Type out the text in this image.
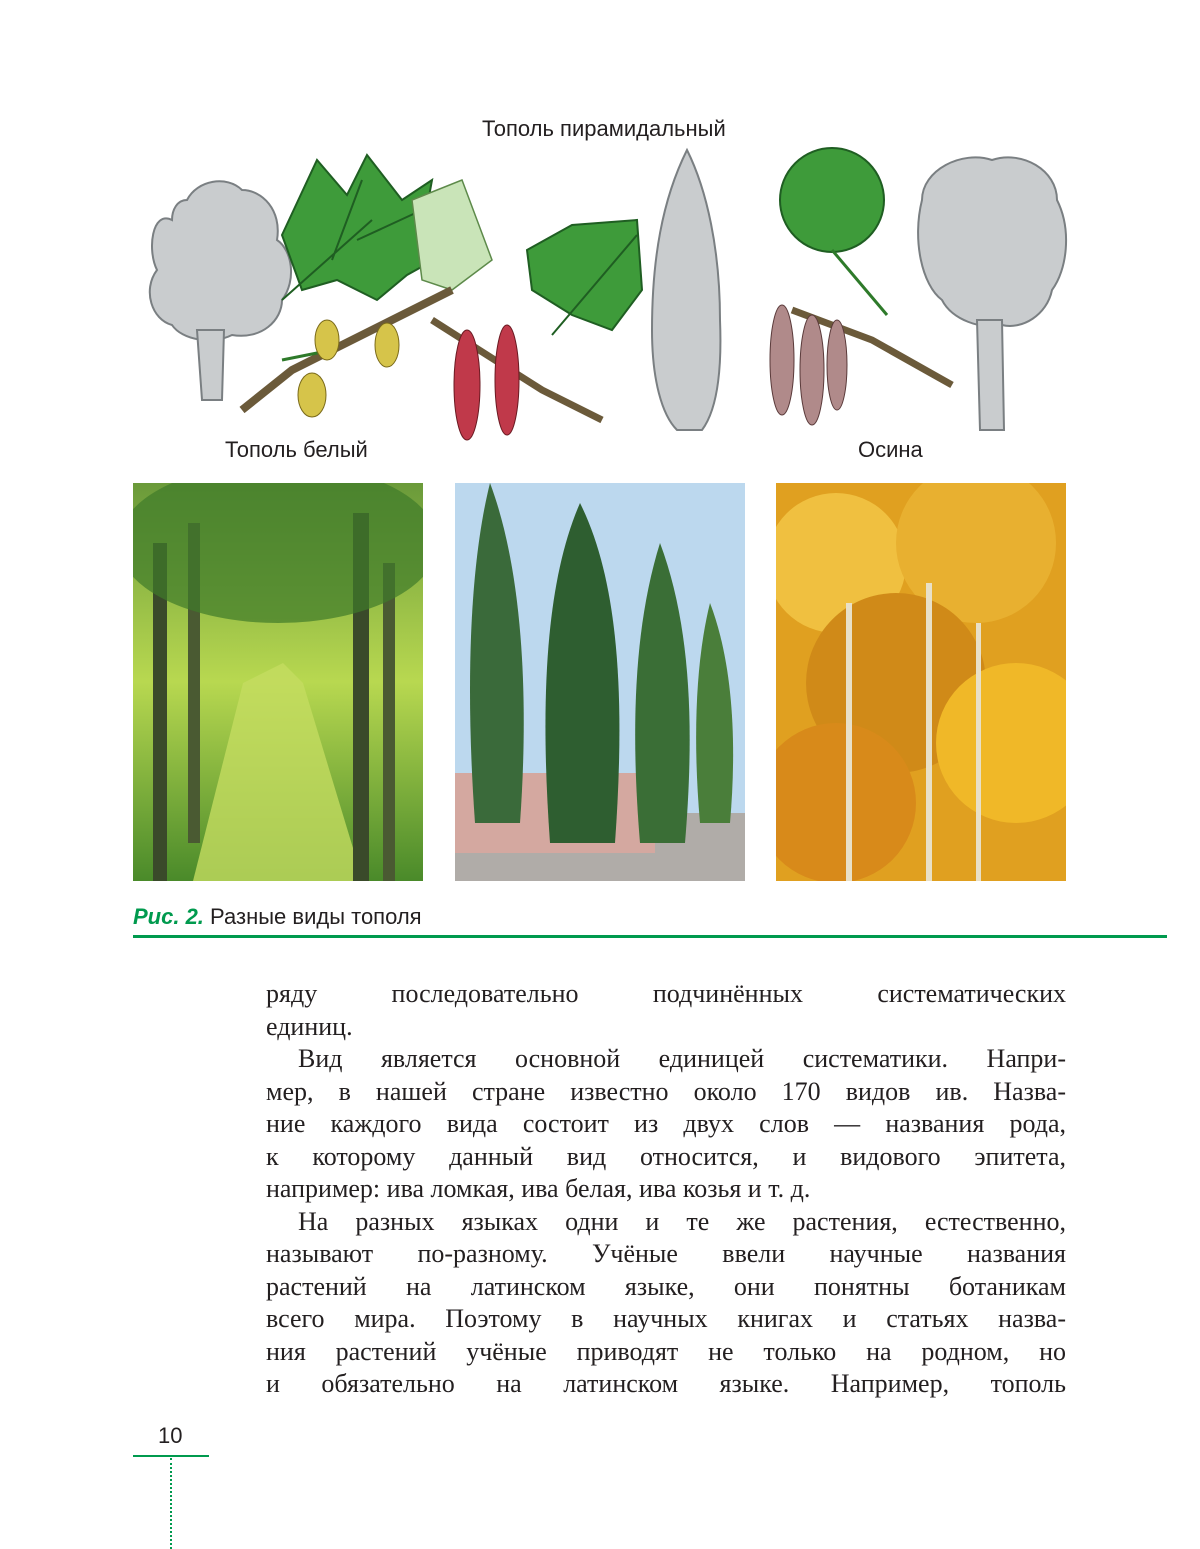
Тополь пирамидальный
Тополь белый	Осина
Рис. 2. Разные виды тополя

ряду последовательно подчинённых систематических

единиц.

Вид является основной единицей систематики. Напри-

мер, в нашей стране известно около 170 видов ив. Назва-

ние каждого вида состоит из двух слов — названия рода,

к которому данный вид относится, и видового эпитета,

например: ива ломкая, ива белая, ива козья и т. д.

На разных языках одни и те же растения, естественно,

называют по-разному. Учёные ввели научные названия

растений на латинском языке, они понятны ботаникам

всего мира. Поэтому в научных книгах и статьях назва-

ния растений учёные приводят не только на родном, но

и обязательно на латинском языке. Например, тополь

10
